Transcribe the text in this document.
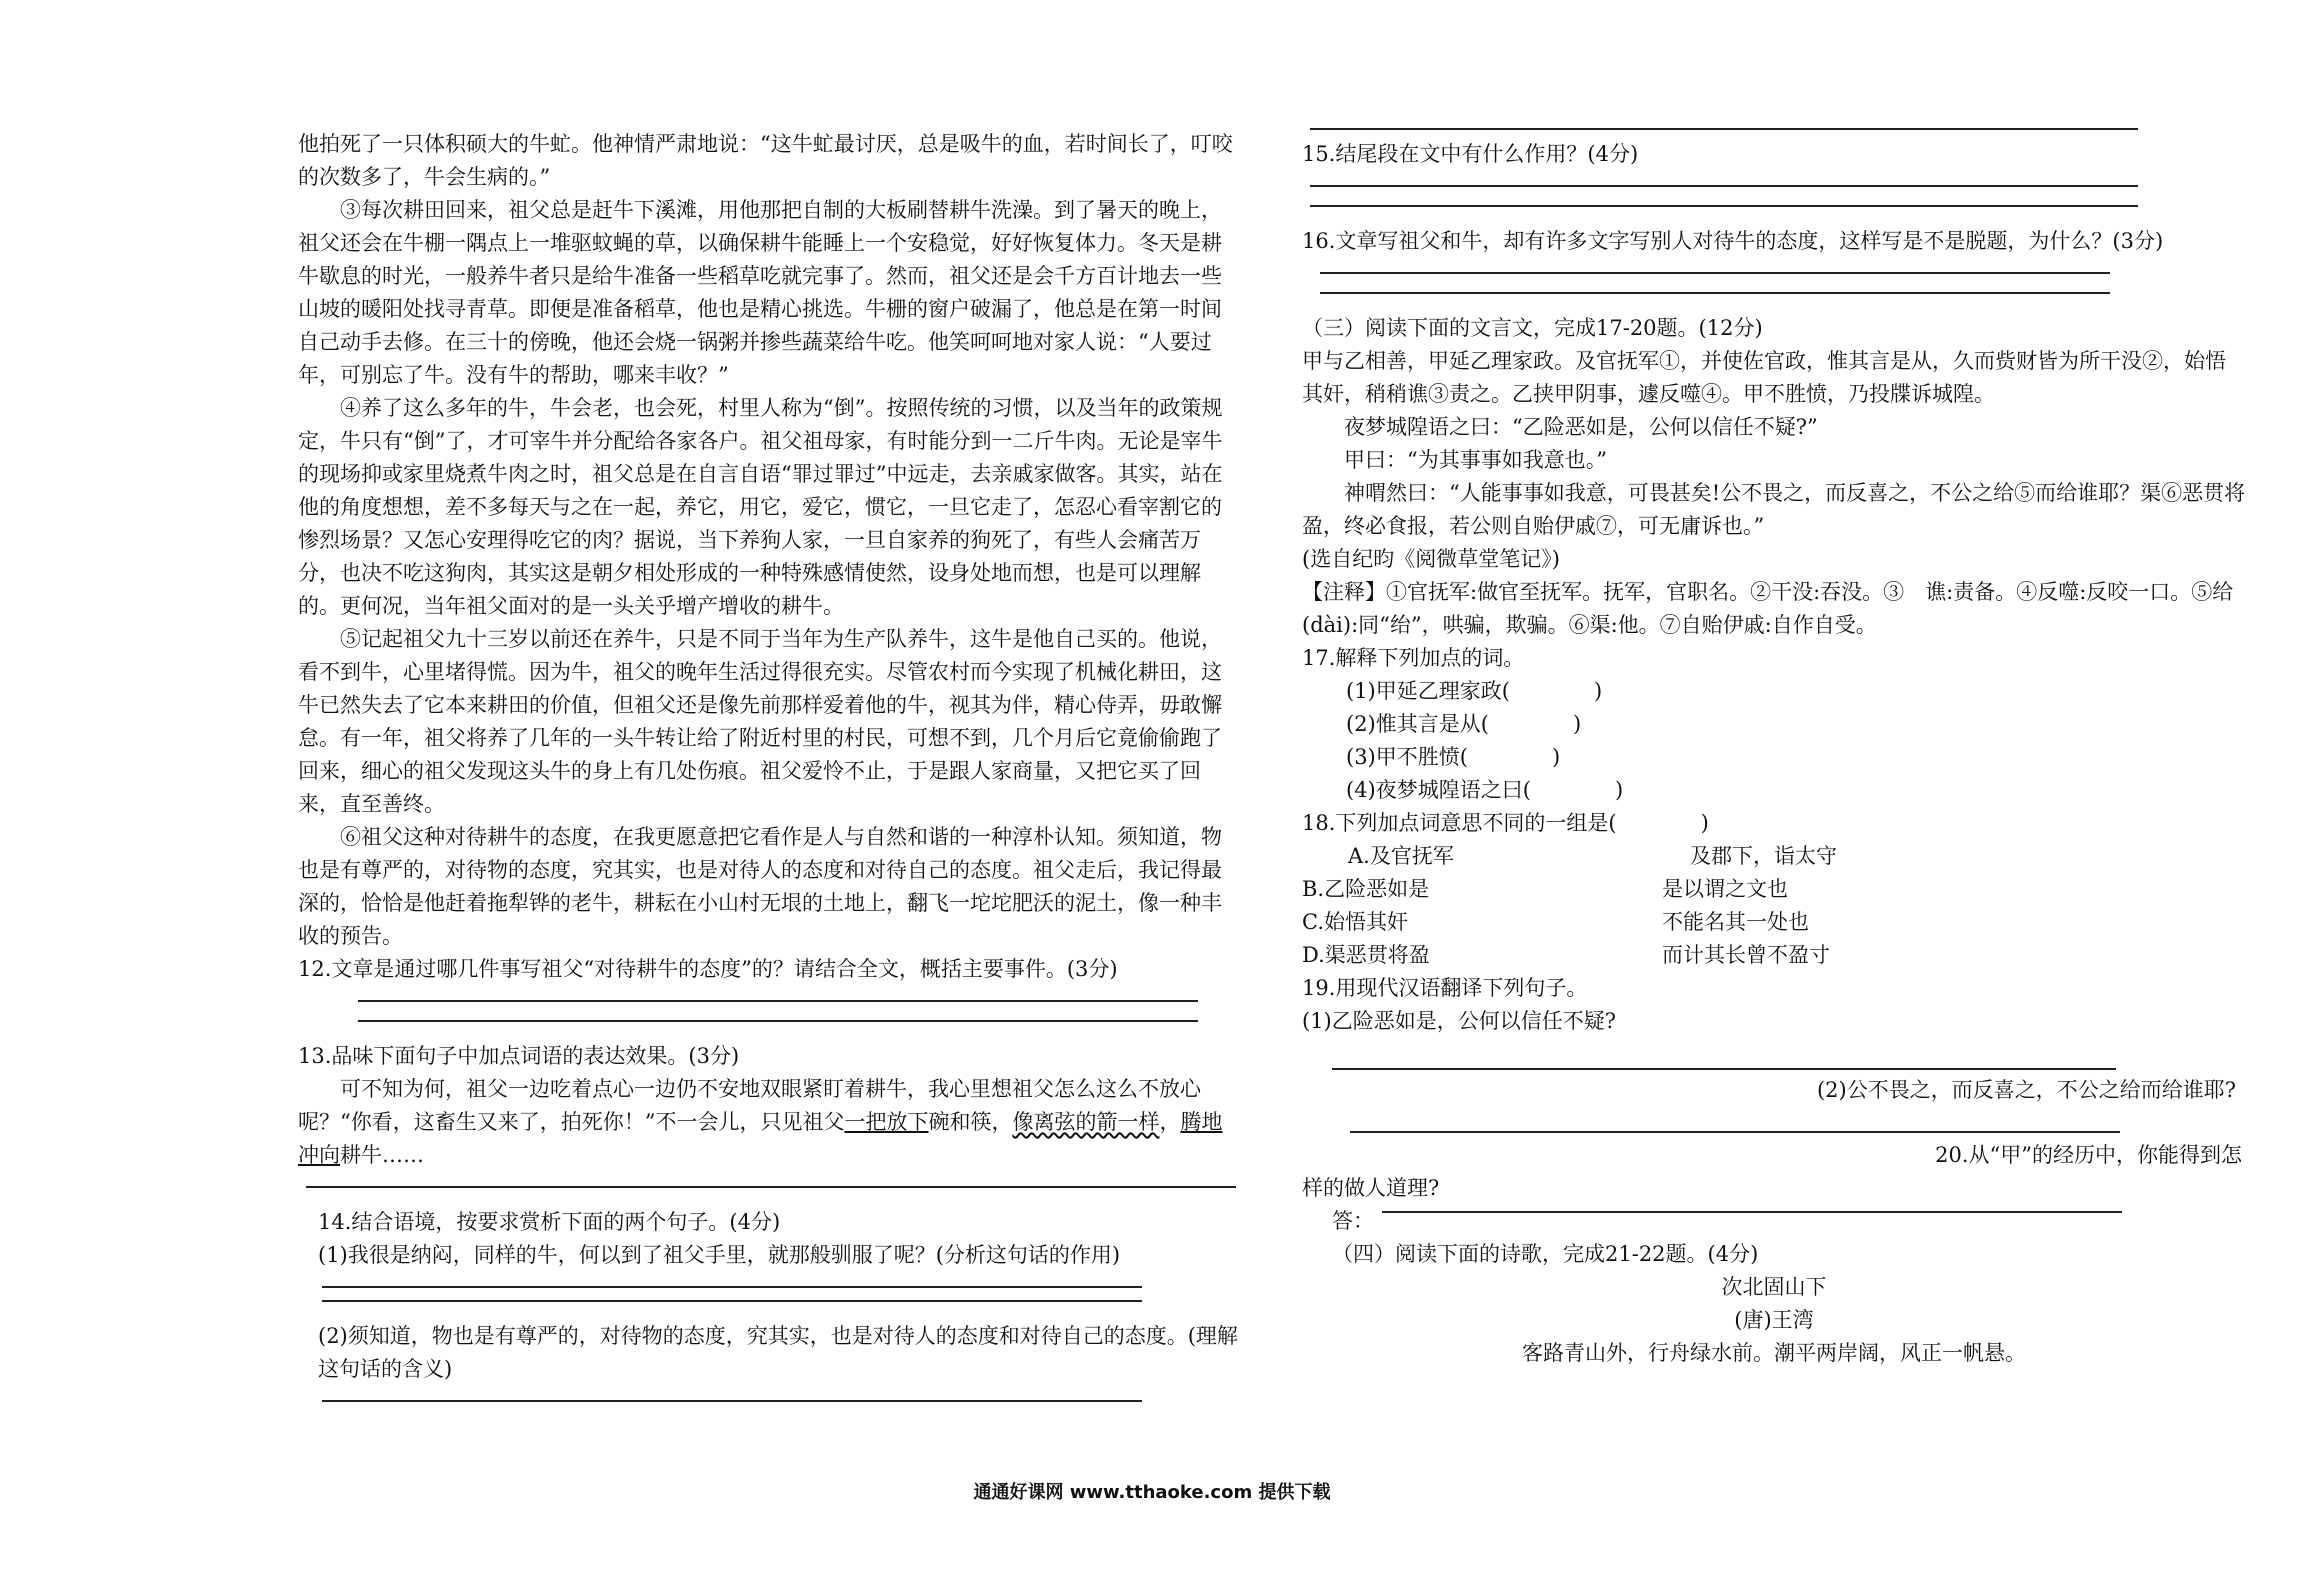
他拍死了一只体积硕大的牛虻。他神情严肃地说：“这牛虻最讨厌，总是吸牛的血，若时间长了，叮咬的次数多了，牛会生病的。”

③每次耕田回来，祖父总是赶牛下溪滩，用他那把自制的大板刷替耕牛洗澡。到了暑天的晚上，祖父还会在牛棚一隅点上一堆驱蚊蝇的草，以确保耕牛能睡上一个安稳觉，好好恢复体力。冬天是耕牛歇息的时光，一般养牛者只是给牛准备一些稻草吃就完事了。然而，祖父还是会千方百计地去一些山坡的暖阳处找寻青草。即便是准备稻草，他也是精心挑选。牛栅的窗户破漏了，他总是在第一时间自己动手去修。在三十的傍晚，他还会烧一锅粥并掺些蔬菜给牛吃。他笑呵呵地对家人说：“人要过年，可别忘了牛。没有牛的帮助，哪来丰收？”

④养了这么多年的牛，牛会老，也会死，村里人称为“倒”。按照传统的习惯，以及当年的政策规定，牛只有“倒”了，才可宰牛并分配给各家各户。祖父祖母家，有时能分到一二斤牛肉。无论是宰牛的现场抑或家里烧煮牛肉之时，祖父总是在自言自语“罪过罪过”中远走，去亲戚家做客。其实，站在他的角度想想，差不多每天与之在一起，养它，用它，爱它，惯它，一旦它走了，怎忍心看宰割它的惨烈场景？又怎心安理得吃它的肉？据说，当下养狗人家，一旦自家养的狗死了，有些人会痛苦万分，也决不吃这狗肉，其实这是朝夕相处形成的一种特殊感情使然，设身处地而想，也是可以理解的。更何况，当年祖父面对的是一头关乎增产增收的耕牛。

⑤记起祖父九十三岁以前还在养牛，只是不同于当年为生产队养牛，这牛是他自己买的。他说，看不到牛，心里堵得慌。因为牛，祖父的晚年生活过得很充实。尽管农村而今实现了机械化耕田，这牛已然失去了它本来耕田的价值，但祖父还是像先前那样爱着他的牛，视其为伴，精心侍弄，毋敢懈怠。有一年，祖父将养了几年的一头牛转让给了附近村里的村民，可想不到，几个月后它竟偷偷跑了回来，细心的祖父发现这头牛的身上有几处伤痕。祖父爱怜不止，于是跟人家商量，又把它买了回来，直至善终。

⑥祖父这种对待耕牛的态度，在我更愿意把它看作是人与自然和谐的一种淳朴认知。须知道，物也是有尊严的，对待物的态度，究其实，也是对待人的态度和对待自己的态度。祖父走后，我记得最深的，恰恰是他赶着拖犁铧的老牛，耕耘在小山村无垠的土地上，翻飞一坨坨肥沃的泥土，像一种丰收的预告。

12.文章是通过哪几件事写祖父“对待耕牛的态度”的？请结合全文，概括主要事件。(3分)

13.品味下面句子中加点词语的表达效果。(3分)

可不知为何，祖父一边吃着点心一边仍不安地双眼紧盯着耕牛，我心里想祖父怎么这么不放心呢？“你看，这畜生又来了，拍死你！”不一会儿，只见祖父一把放下碗和筷，像离弦的箭一样，腾地冲向耕牛……

14.结合语境，按要求赏析下面的两个句子。(4分)

(1)我很是纳闷，同样的牛，何以到了祖父手里，就那般驯服了呢？(分析这句话的作用)

(2)须知道，物也是有尊严的，对待物的态度，究其实，也是对待人的态度和对待自己的态度。(理解这句话的含义)

15.结尾段在文中有什么作用？(4分)

16.文章写祖父和牛，却有许多文字写别人对待牛的态度，这样写是不是脱题，为什么？(3分)

（三）阅读下面的文言文，完成17-20题。(12分)

甲与乙相善，甲延乙理家政。及官抚军①，并使佐官政，惟其言是从，久而赀财皆为所干没②，始悟其奸，稍稍谯③责之。乙挟甲阴事，遽反噬④。甲不胜愤，乃投牒诉城隍。

夜梦城隍语之曰：“乙险恶如是，公何以信任不疑?”

甲曰：“为其事事如我意也。”

神喟然曰：“人能事事如我意，可畏甚矣!公不畏之，而反喜之，不公之给⑤而给谁耶？渠⑥恶贯将盈，终必食报，若公则自贻伊戚⑦，可无庸诉也。”

(选自纪昀《阅微草堂笔记》)

【注释】①官抚军:做官至抚军。抚军，官职名。②干没:吞没。③　谯:责备。④反噬:反咬一口。⑤给(dài):同“绐”，哄骗，欺骗。⑥渠:他。⑦自贻伊戚:自作自受。

17.解释下列加点的词。

(1)甲延乙理家政(　　　　)

(2)惟其言是从(　　　　)

(3)甲不胜愤(　　　　)

(4)夜梦城隍语之曰(　　　　)

18.下列加点词意思不同的一组是(　　　　)

A.及官抚军	及郡下，诣太守
B.乙险恶如是	是以谓之文也
C.始悟其奸	不能名其一处也
D.渠恶贯将盈	而计其长曾不盈寸

19.用现代汉语翻译下列句子。

(1)乙险恶如是，公何以信任不疑?

(2)公不畏之，而反喜之，不公之给而给谁耶?

20.从“甲”的经历中，你能得到怎

样的做人道理?

答：

（四）阅读下面的诗歌，完成21-22题。(4分)

次北固山下

(唐)王湾

客路青山外，行舟绿水前。潮平两岸阔，风正一帆悬。

通通好课网 www.tthaoke.com 提供下载
